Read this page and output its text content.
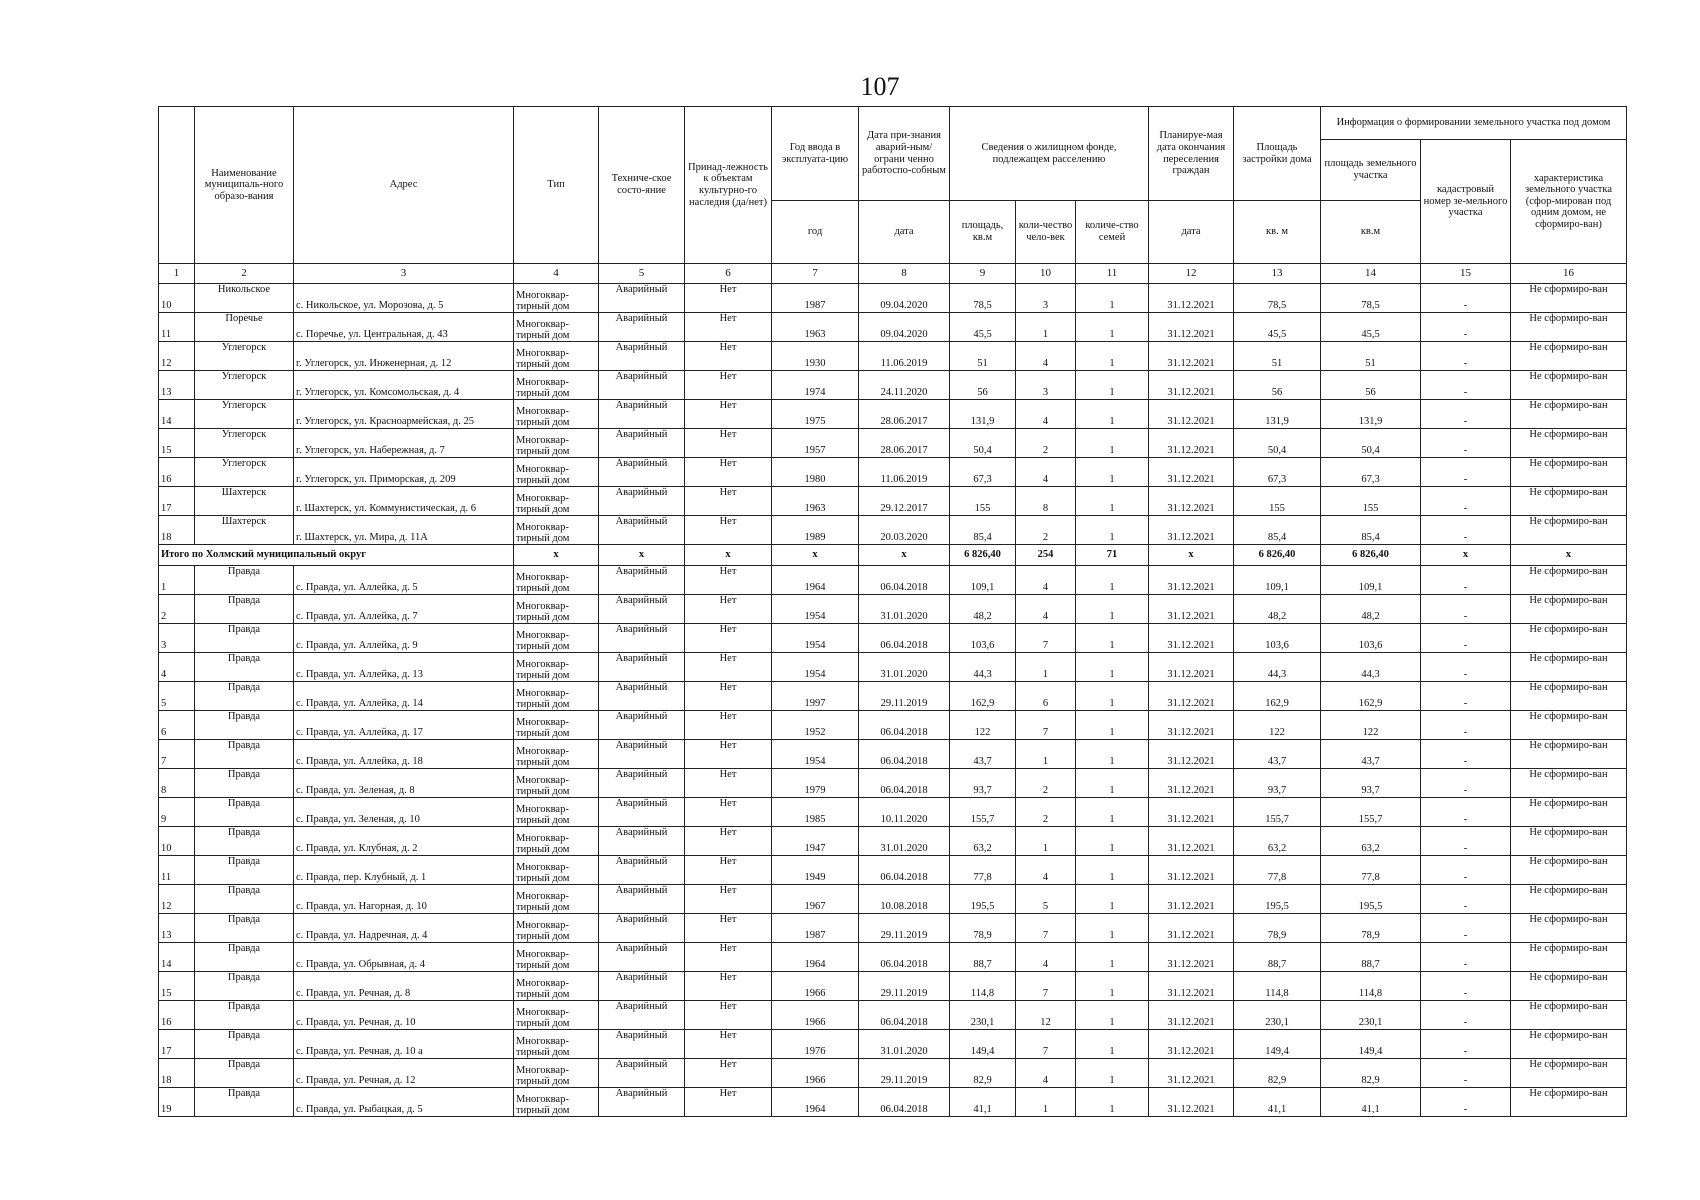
107
	Наименование муниципаль-ного образо-вания	Адрес	Тип	Техниче-ское состо-яние	Принад-лежность к объектам культурно-го наследия (да/нет)	Год ввода в эксплуата-цию	Дата при-знания аварий-ным/ограни ченно работоспо-собным	Сведения о жилищном фонде, подлежащем расселению			Планируе-мая дата окончания переселения граждан	Площадь застройки дома	Информация о формировании земельного участка под домом		
													площадь земельного участка	кадастровый номер зе-мельного участка	характеристика земельного участка (сфор-мирован под одним домом, не сформиро-ван)
						год	дата	площадь, кв.м	коли-чество чело-век	количе-ство семей	дата	кв. м	кв.м		
1	2	3	4	5	6	7	8	9	10	11	12	13	14	15	16
10	Никольское	с. Никольское, ул. Морозова, д. 5	Многоквар-тирный дом	Аварийный	Нет	1987	09.04.2020	78,5	3	1	31.12.2021	78,5	78,5	-	Не сформиро-ван
11	Поречье	с. Поречье, ул. Центральная, д. 43	Многоквар-тирный дом	Аварийный	Нет	1963	09.04.2020	45,5	1	1	31.12.2021	45,5	45,5	-	Не сформиро-ван
12	Углегорск	г. Углегорск, ул. Инженерная, д. 12	Многоквар-тирный дом	Аварийный	Нет	1930	11.06.2019	51	4	1	31.12.2021	51	51	-	Не сформиро-ван
13	Углегорск	г. Углегорск, ул. Комсомольская, д. 4	Многоквар-тирный дом	Аварийный	Нет	1974	24.11.2020	56	3	1	31.12.2021	56	56	-	Не сформиро-ван
14	Углегорск	г. Углегорск, ул. Красноармейская, д. 25	Многоквар-тирный дом	Аварийный	Нет	1975	28.06.2017	131,9	4	1	31.12.2021	131,9	131,9	-	Не сформиро-ван
15	Углегорск	г. Углегорск, ул. Набережная, д. 7	Многоквар-тирный дом	Аварийный	Нет	1957	28.06.2017	50,4	2	1	31.12.2021	50,4	50,4	-	Не сформиро-ван
16	Углегорск	г. Углегорск, ул. Приморская, д. 209	Многоквар-тирный дом	Аварийный	Нет	1980	11.06.2019	67,3	4	1	31.12.2021	67,3	67,3	-	Не сформиро-ван
17	Шахтерск	г. Шахтерск, ул. Коммунистическая, д. 6	Многоквар-тирный дом	Аварийный	Нет	1963	29.12.2017	155	8	1	31.12.2021	155	155	-	Не сформиро-ван
18	Шахтерск	г. Шахтерск, ул. Мира, д. 11А	Многоквар-тирный дом	Аварийный	Нет	1989	20.03.2020	85,4	2	1	31.12.2021	85,4	85,4	-	Не сформиро-ван
Итого по Холмский муниципальный округ			x	x	x	x	x	6 826,40	254	71	x	6 826,40	6 826,40	x	x
1	Правда	с. Правда, ул. Аллейка, д. 5	Многоквар-тирный дом	Аварийный	Нет	1964	06.04.2018	109,1	4	1	31.12.2021	109,1	109,1	-	Не сформиро-ван
2	Правда	с. Правда, ул. Аллейка, д. 7	Многоквар-тирный дом	Аварийный	Нет	1954	31.01.2020	48,2	4	1	31.12.2021	48,2	48,2	-	Не сформиро-ван
3	Правда	с. Правда, ул. Аллейка, д. 9	Многоквар-тирный дом	Аварийный	Нет	1954	06.04.2018	103,6	7	1	31.12.2021	103,6	103,6	-	Не сформиро-ван
4	Правда	с. Правда, ул. Аллейка, д. 13	Многоквар-тирный дом	Аварийный	Нет	1954	31.01.2020	44,3	1	1	31.12.2021	44,3	44,3	-	Не сформиро-ван
5	Правда	с. Правда, ул. Аллейка, д. 14	Многоквар-тирный дом	Аварийный	Нет	1997	29.11.2019	162,9	6	1	31.12.2021	162,9	162,9	-	Не сформиро-ван
6	Правда	с. Правда, ул. Аллейка, д. 17	Многоквар-тирный дом	Аварийный	Нет	1952	06.04.2018	122	7	1	31.12.2021	122	122	-	Не сформиро-ван
7	Правда	с. Правда, ул. Аллейка, д. 18	Многоквар-тирный дом	Аварийный	Нет	1954	06.04.2018	43,7	1	1	31.12.2021	43,7	43,7	-	Не сформиро-ван
8	Правда	с. Правда, ул. Зеленая, д. 8	Многоквар-тирный дом	Аварийный	Нет	1979	06.04.2018	93,7	2	1	31.12.2021	93,7	93,7	-	Не сформиро-ван
9	Правда	с. Правда, ул. Зеленая, д. 10	Многоквар-тирный дом	Аварийный	Нет	1985	10.11.2020	155,7	2	1	31.12.2021	155,7	155,7	-	Не сформиро-ван
10	Правда	с. Правда, ул. Клубная, д. 2	Многоквар-тирный дом	Аварийный	Нет	1947	31.01.2020	63,2	1	1	31.12.2021	63,2	63,2	-	Не сформиро-ван
11	Правда	с. Правда, пер. Клубный, д. 1	Многоквар-тирный дом	Аварийный	Нет	1949	06.04.2018	77,8	4	1	31.12.2021	77,8	77,8	-	Не сформиро-ван
12	Правда	с. Правда, ул. Нагорная, д. 10	Многоквар-тирный дом	Аварийный	Нет	1967	10.08.2018	195,5	5	1	31.12.2021	195,5	195,5	-	Не сформиро-ван
13	Правда	с. Правда, ул. Надречная, д. 4	Многоквар-тирный дом	Аварийный	Нет	1987	29.11.2019	78,9	7	1	31.12.2021	78,9	78,9	-	Не сформиро-ван
14	Правда	с. Правда, ул. Обрывная, д. 4	Многоквар-тирный дом	Аварийный	Нет	1964	06.04.2018	88,7	4	1	31.12.2021	88,7	88,7	-	Не сформиро-ван
15	Правда	с. Правда, ул. Речная, д. 8	Многоквар-тирный дом	Аварийный	Нет	1966	29.11.2019	114,8	7	1	31.12.2021	114,8	114,8	-	Не сформиро-ван
16	Правда	с. Правда, ул. Речная, д. 10	Многоквар-тирный дом	Аварийный	Нет	1966	06.04.2018	230,1	12	1	31.12.2021	230,1	230,1	-	Не сформиро-ван
17	Правда	с. Правда, ул. Речная, д. 10 а	Многоквар-тирный дом	Аварийный	Нет	1976	31.01.2020	149,4	7	1	31.12.2021	149,4	149,4	-	Не сформиро-ван
18	Правда	с. Правда, ул. Речная, д. 12	Многоквар-тирный дом	Аварийный	Нет	1966	29.11.2019	82,9	4	1	31.12.2021	82,9	82,9	-	Не сформиро-ван
19	Правда	с. Правда, ул. Рыбацкая, д. 5	Многоквар-тирный дом	Аварийный	Нет	1964	06.04.2018	41,1	1	1	31.12.2021	41,1	41,1	-	Не сформиро-ван
